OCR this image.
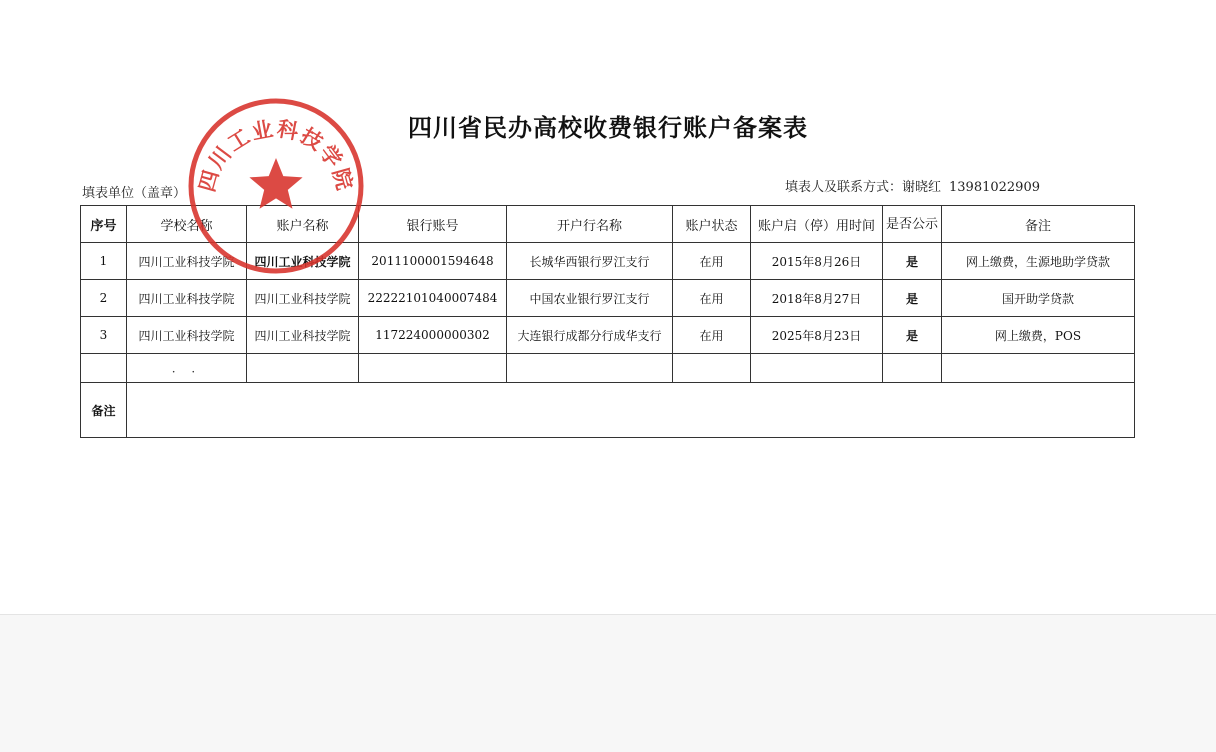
四川省民办高校收费银行账户备案表
填表单位（盖章）	填表人及联系方式：谢晓红 13981022909
序号	学校名称	账户名称	银行账号	开户行名称	账户状态	账户启（停）用时间	是否公示	备注
1	四川工业科技学院	四川工业科技学院	2011100001594648	长城华西银行罗江支行	在用	2015年8月26日	是	网上缴费，生源地助学贷款
2	四川工业科技学院	四川工业科技学院	22222101040007484	中国农业银行罗江支行	在用	2018年8月27日	是	国开助学贷款
3	四川工业科技学院	四川工业科技学院	117224000000302	大连银行成都分行成华支行	在用	2025年8月23日	是	网上缴费，POS
	· ·							
备注								
四川工业科技学院
